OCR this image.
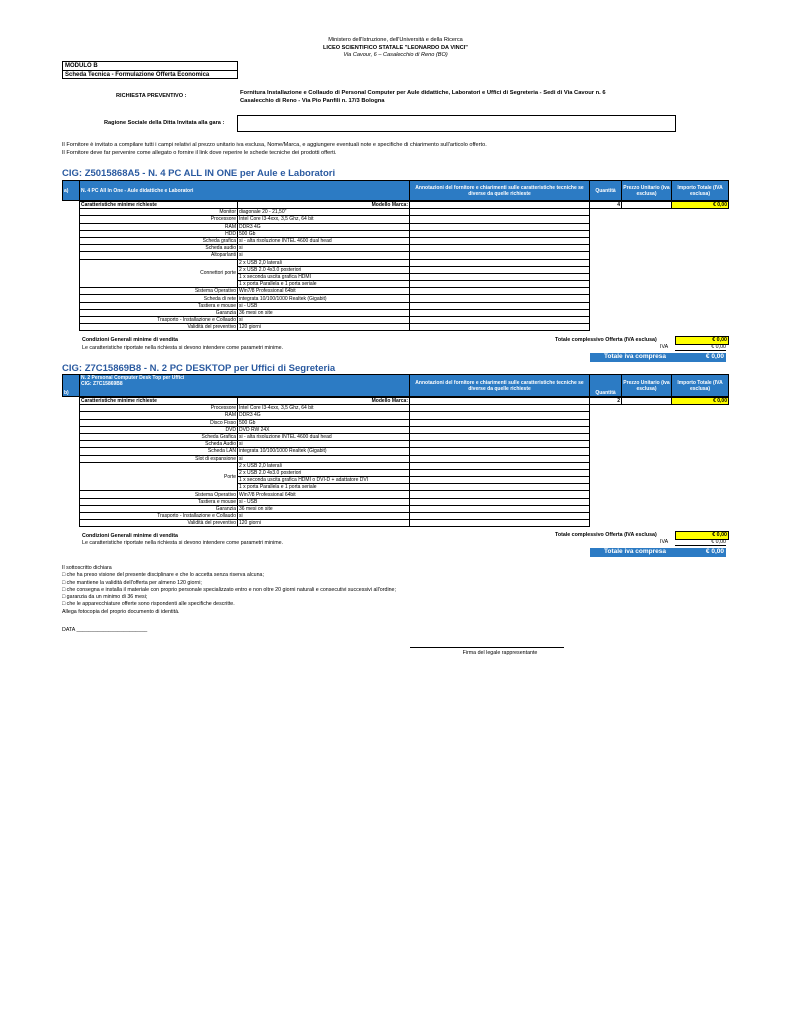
Ministero dell'Istruzione, dell'Università e della Ricerca
LICEO SCIENTIFICO STATALE "LEONARDO DA VINCI"
Via Cavour, 6 – Casalecchio di Reno (BO)
MODULO B
Scheda Tecnica - Formulazione Offerta Economica
RICHIESTA PREVENTIVO :	Fornitura Installazione e Collaudo di Personal Computer per Aule didattiche, Laboratori e Uffici di Segreteria - Sedi di Via Cavour n. 6
Casalecchio di Reno - Via Pio Panfili n. 17/3 Bologna
Ragione Sociale della Ditta Invitata alla gara :
Il Fornitore è invitato a compilare tutti i campi relativi al prezzo unitario iva esclusa, Nome/Marca, e aggiungere eventuali note e specifiche di chiarimento sull'articolo offerto.
Il Fornitore deve far pervenire come allegato o fornire il link dove reperire le schede tecniche dei prodotti offerti.
CIG: Z5015868A5 - N. 4 PC ALL IN ONE per Aule e Laboratori
a)	N. 4 PC All In One - Aule didattiche e Laboratori	Annotazioni del fornitore e chiarimenti sulle caratteristiche tecniche se diverse da quelle richieste	Quantità	Prezzo Unitario (iva esclusa)	Importo Totale (IVA esclusa)
Caratteristiche minime richieste	Modello Marca:		4		€ 0,00
Monitor	diagonale 20 - 21,50"				
Processore	Intel Core I3-4xxx, 3,5 Ghz, 64 bit				
RAM	DDR3 4G				
HDD	500 Gb				
Scheda grafica	si - alta risoluzione INTEL 4600 dual head				
Scheda audio	si				
Altoparlanti	si				
Connettori porte	2 x USB 2,0 laterali				
	2 x USB 2.0 4x3.0 posteriori				
	1 x seconda uscita grafica HDMI				
	1 x porta Parallela e 1 porta seriale				
Sistema Operativo	Win7/8 Professional 64bit				
Scheda di rete	integrata 10/100/1000 Realtek (Gigabit)				
Tastiera e mouse	si - USB				
Garanzia	36 mesi on site				
Trasporto - Installazione e Collaudo	si				
Validità del preventivo	120 giorni				
Condizioni Generali minime di vendita
Le caratteristiche riportate nella richiesta si devono intendere come parametri minime.
Totale complessivo Offerta (IVA esclusa)	€ 0,00
IVA	€ 0,00
Totale iva compresa	€ 0,00
CIG: Z7C15869B8 - N. 2 PC DESKTOP per Uffici di Segreteria
b)	
N. 2 Personal Computer Desk Top per Uffici
CIG: Z7C15869B8	Annotazioni del fornitore e chiarimenti sulle caratteristiche tecniche se diverse da quelle richieste	Quantità	Prezzo Unitario (iva esclusa)	Importo Totale (IVA esclusa)
Caratteristiche minime richieste	Modello Marca:		2		€ 0,00
Processore	Intel Core I3-4xxx, 3,5 Ghz, 64 bit				
RAM	DDR3 4G				
Disco Fisso	500 Gb				
DVD	DVD RW 24X				
Scheda Grafica	si - alta risoluzione INTEL 4600 dual head				
Scheda Audio	si				
Scheda LAN	integrata 10/100/1000 Realtek (Gigabit)				
Slot di espansione	si				
Porte	2 x USB 2,0 laterali				
	2 x USB 2.0 4x3.0 posteriori				
	1 x seconda uscita grafica HDMI o DVI-D + adattatore DVI				
	1 x porta Parallela e 1 porta seriale				
Sistema Operativo	Win7/8 Professional 64bit				
Tastiera e mouse	si - USB				
Garanzia	36 mesi on site				
Trasporto - Installazione e Collaudo	si				
Validità del preventivo	120 giorni				
Condizioni Generali minime di vendita
Le caratteristiche riportate nella richiesta si devono intendere come parametri minime.
Totale complessivo Offerta (IVA esclusa)	€ 0,00
IVA	€ 0,00
Totale iva compresa	€ 0,00
Il sottoscritto dichiara
□ che ha preso visione del presente disciplinare e che lo accetta senza riserva alcuna;
□ che mantiene la validità dell'offerta per almeno 120 giorni;
□ che consegna e installa il materiale con proprio personale specializzato entro e non oltre 20 giorni naturali e consecutivi successivi all'ordine;
□ garanzia da un minimo di 36 mesi;
□ che le apparecchiature offerte sono rispondenti alle specifiche descritte.
Allega fotocopia del proprio documento di identità.
DATA ________________________
Firma del legale rappresentante
